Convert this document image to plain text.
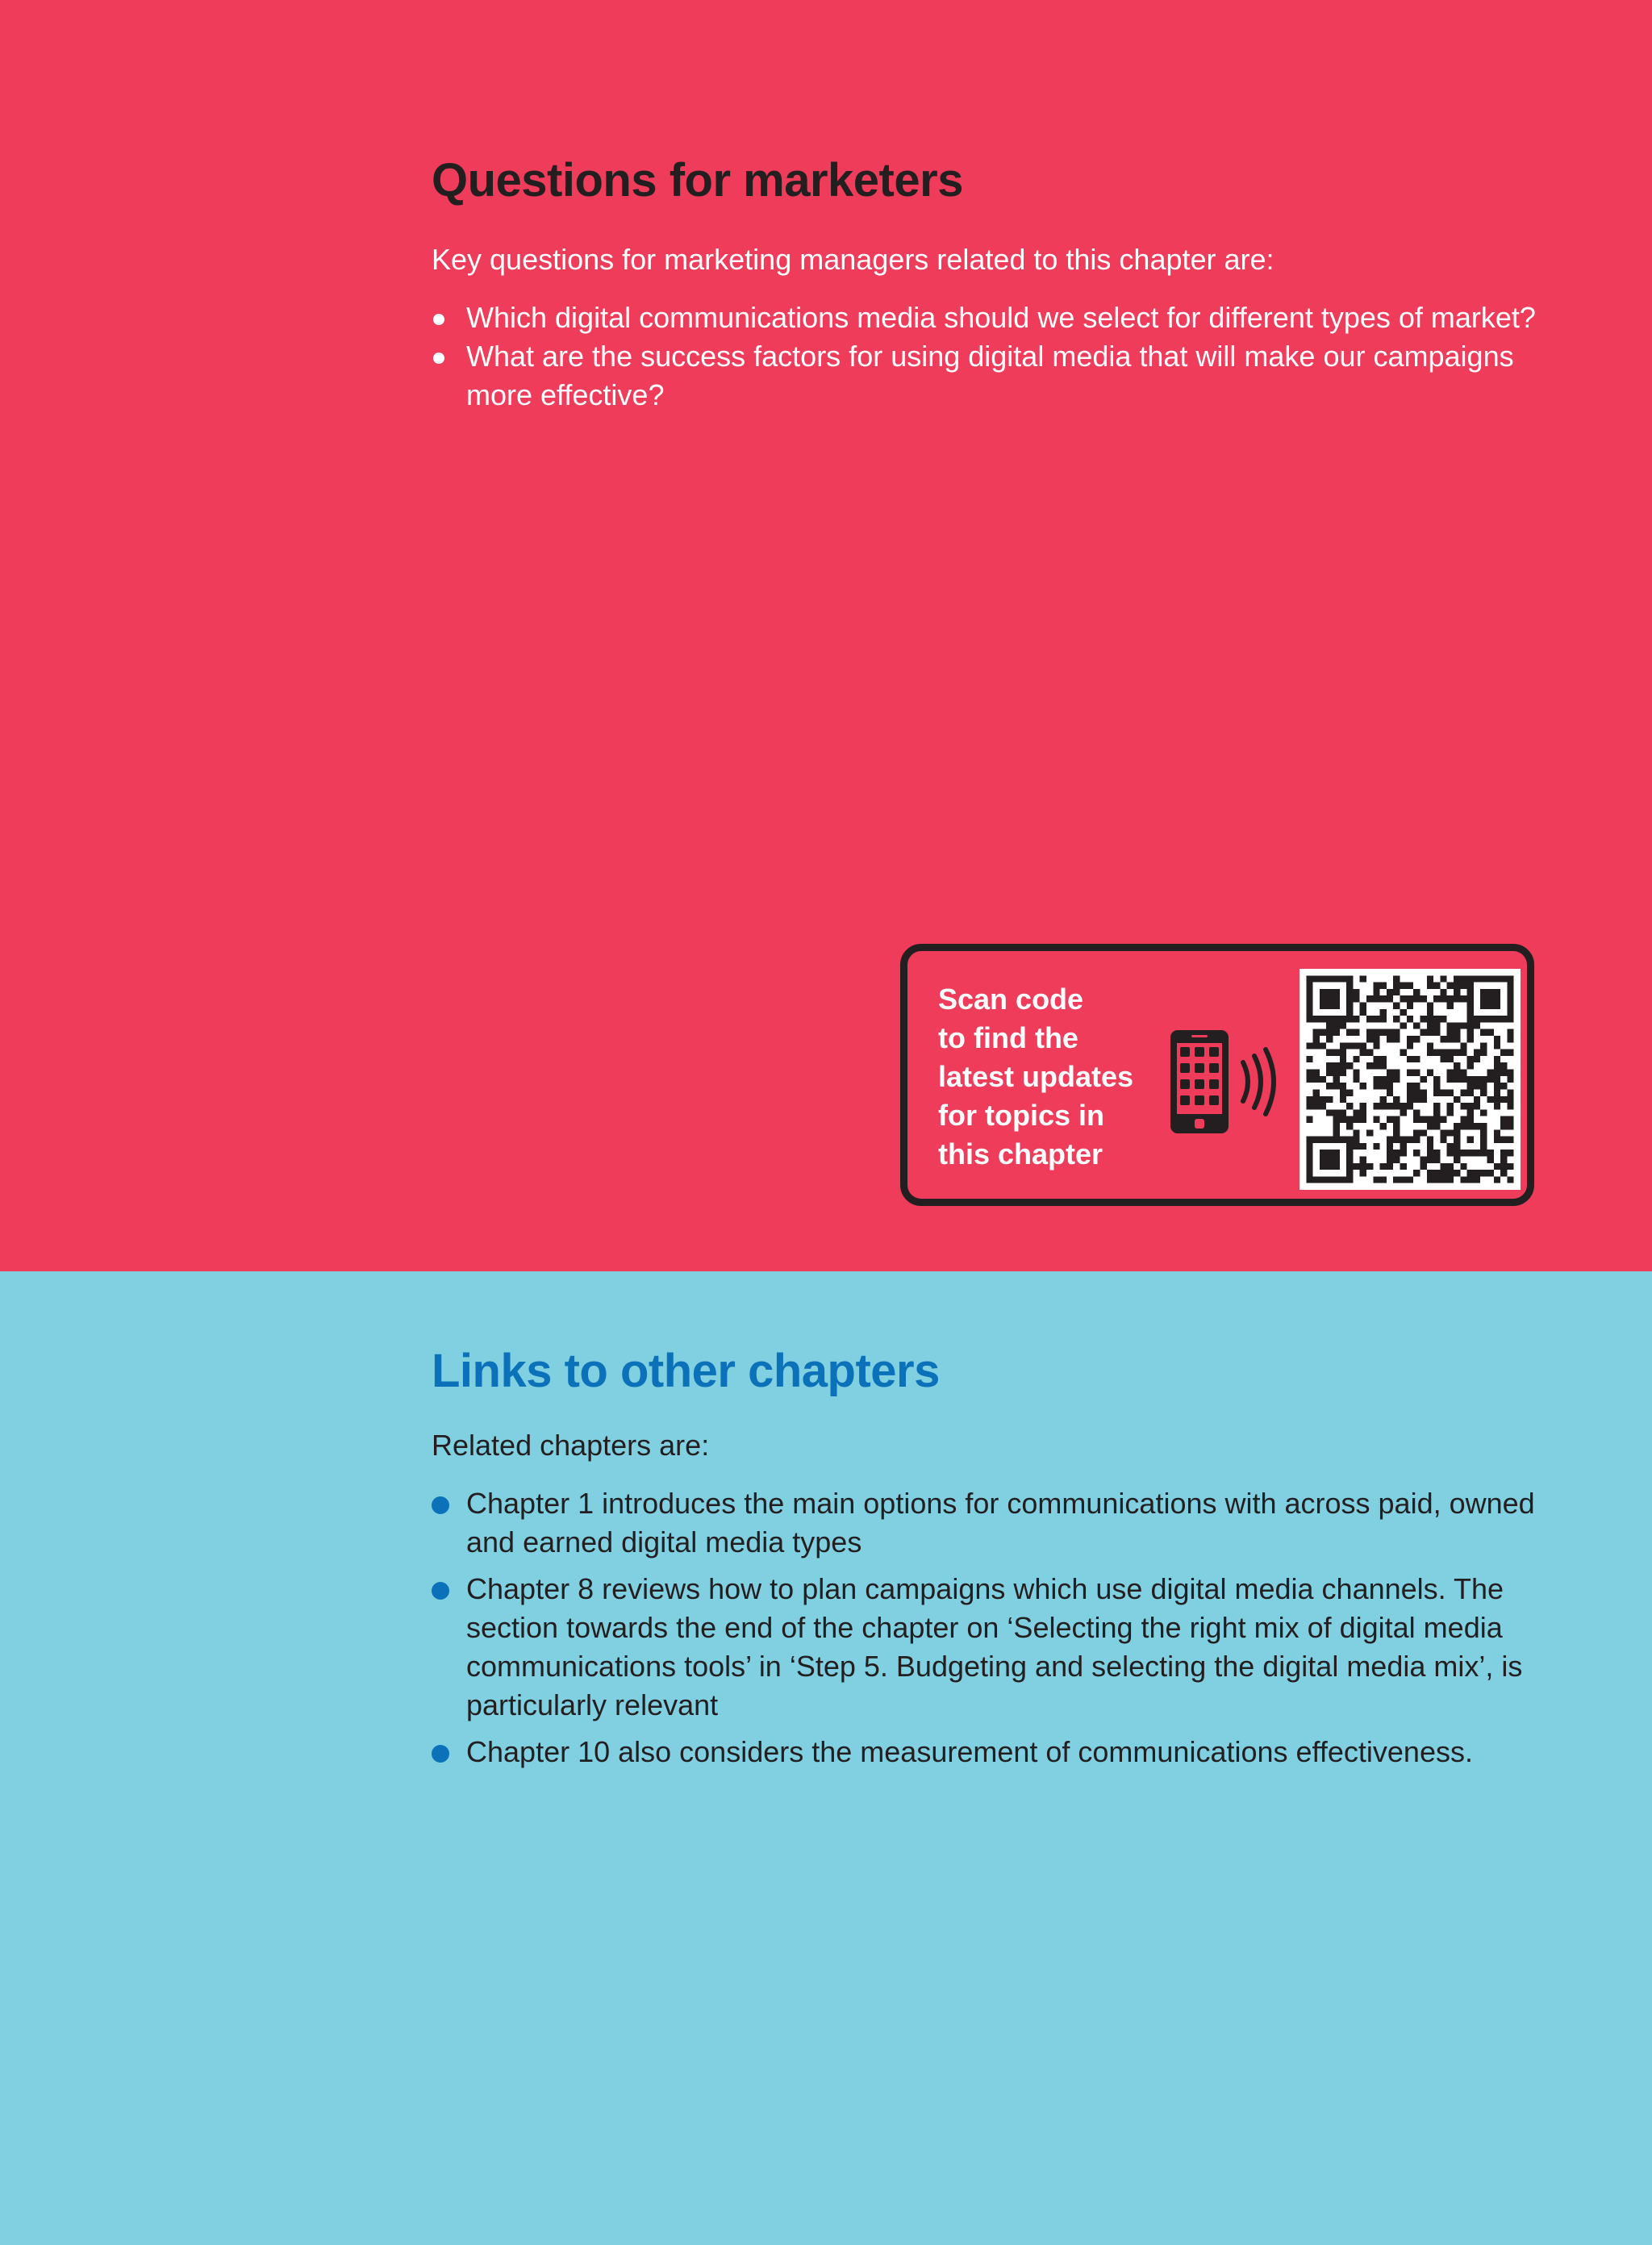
Questions for marketers

Key questions for marketing managers related to this chapter are:

Which digital communications media should we select for different types of market?
What are the success factors for using digital media that will make our campaigns more effective?
Scan code
to find the
latest updates
for topics in
this chapter
Links to other chapters

Related chapters are:

Chapter 1 introduces the main options for communications with across paid, owned and earned digital media types
Chapter 8 reviews how to plan campaigns which use digital media channels. The section towards the end of the chapter on ‘Selecting the right mix of digital media communications tools’ in ‘Step 5. Budgeting and selecting the digital media mix’, is particularly relevant
Chapter 10 also considers the measurement of communications effectiveness.
